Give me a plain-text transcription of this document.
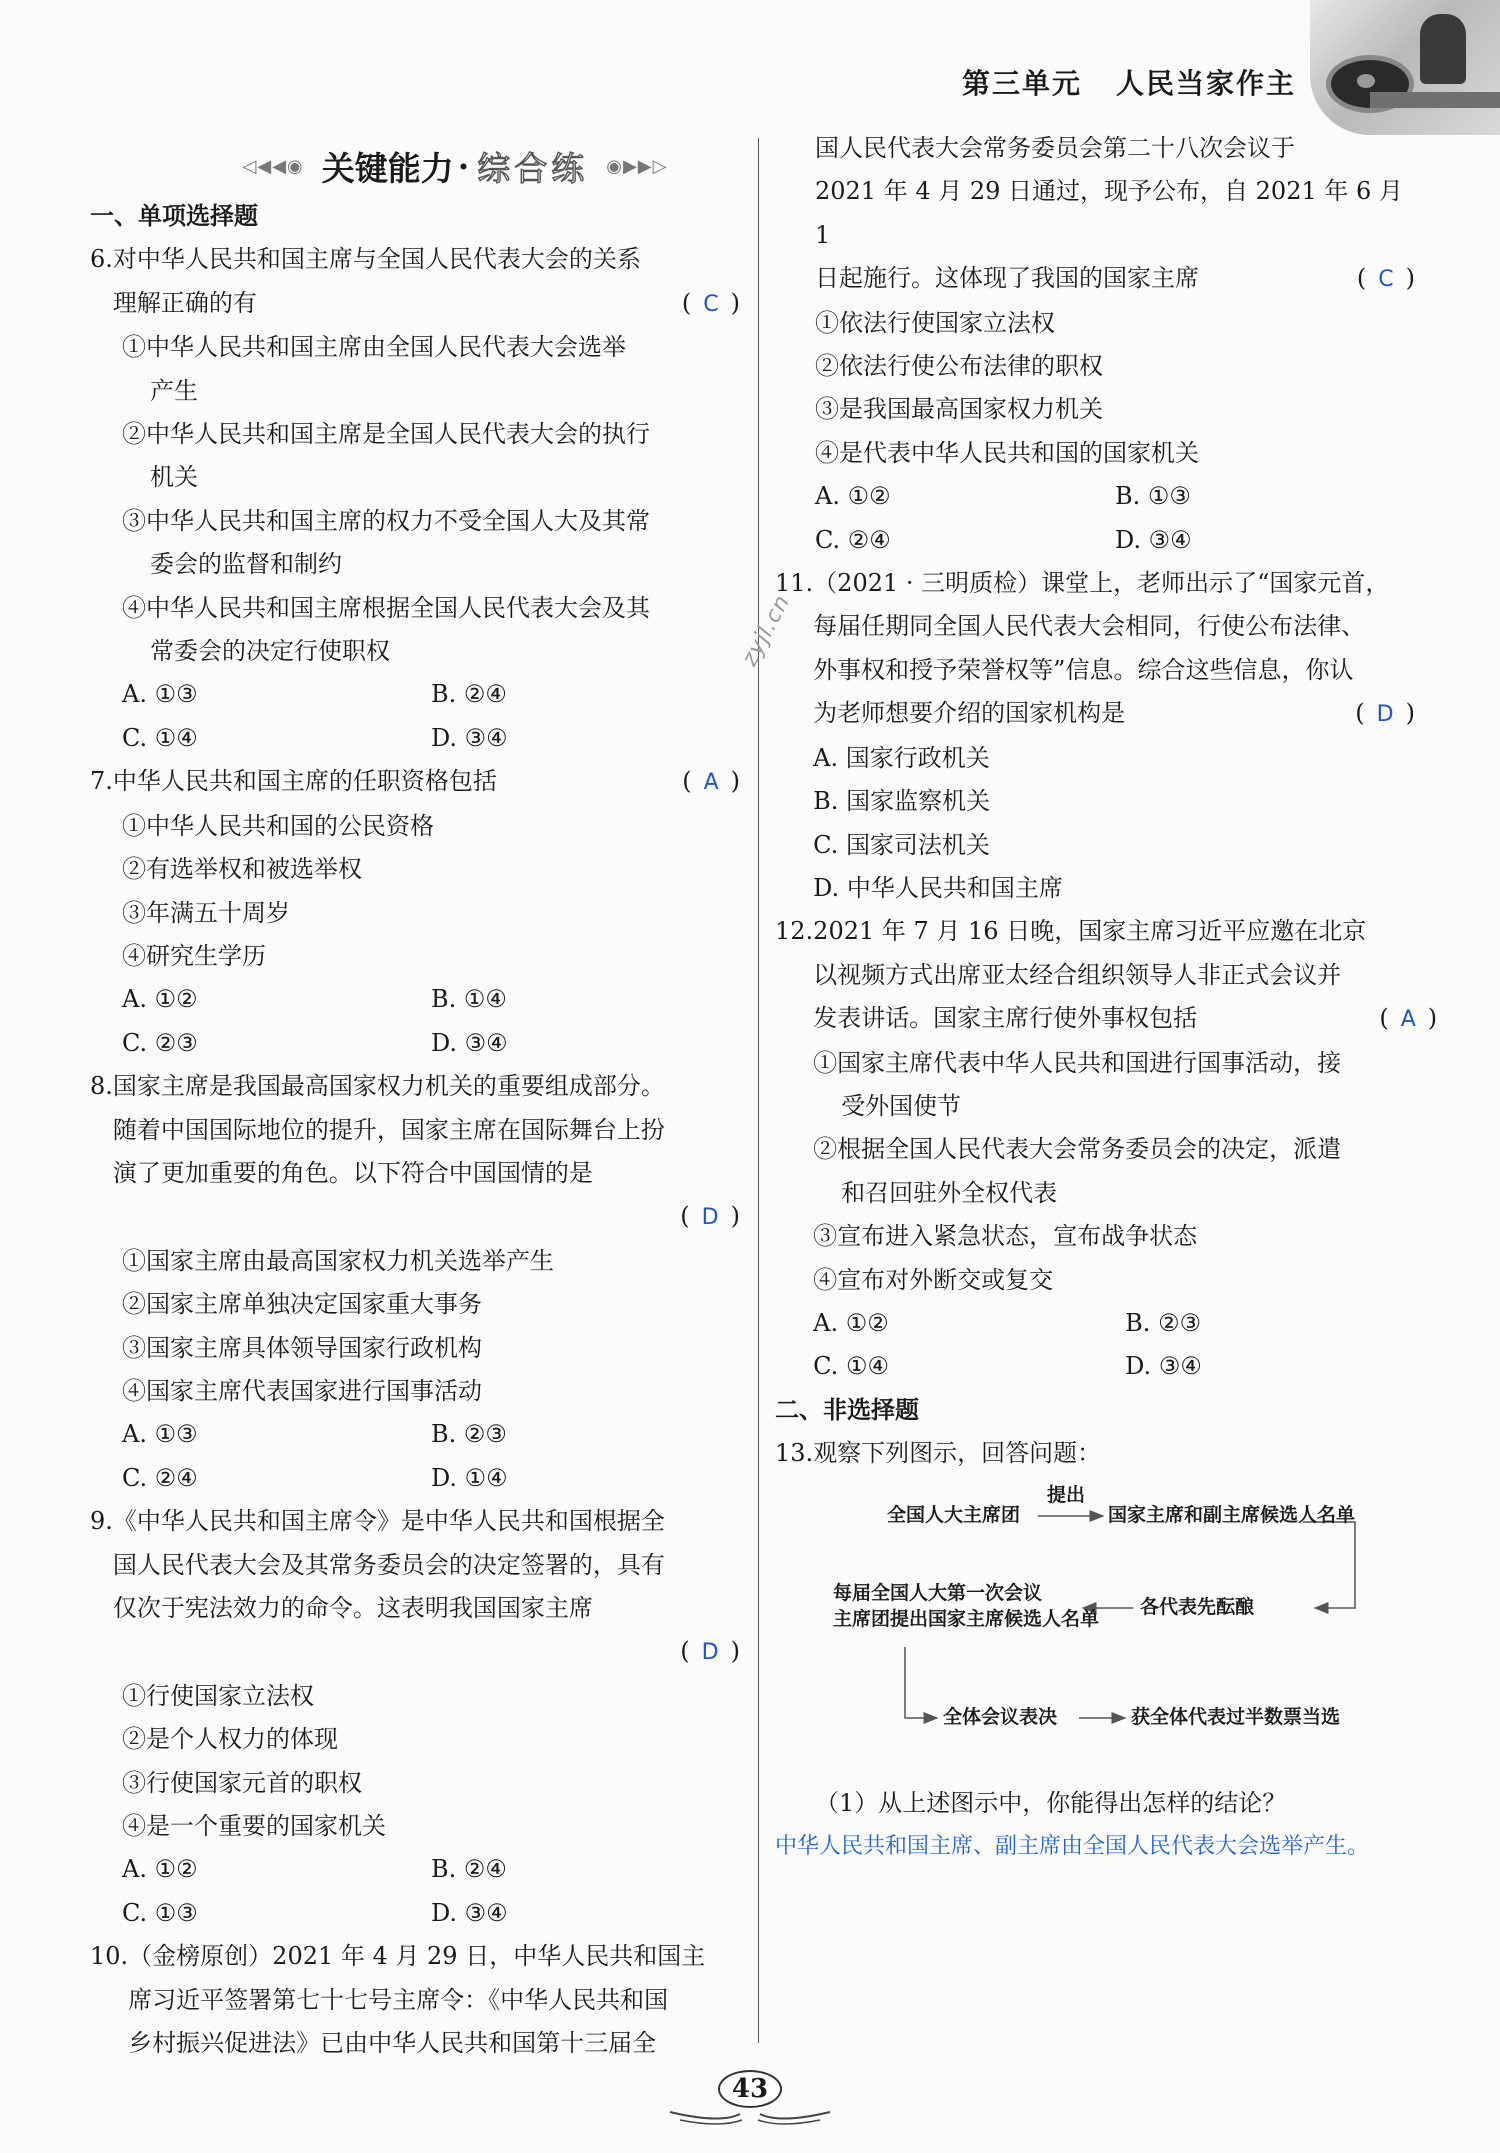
第三单元 人民当家作主
◁◀◀◉ 关键能力 · 综合练 ◉▶▶▷
一、单项选择题
6. 对中华人民共和国主席与全国人民代表大会的关系
理解正确的有	( C )
①中华人民共和国主席由全国人民代表大会选举
产生
②中华人民共和国主席是全国人民代表大会的执行
机关
③中华人民共和国主席的权力不受全国人大及其常
委会的监督和制约
④中华人民共和国主席根据全国人民代表大会及其
常委会的决定行使职权
A. ①③	B. ②④
C. ①④	D. ③④
7. 中华人民共和国主席的任职资格包括	( A )
①中华人民共和国的公民资格
②有选举权和被选举权
③年满五十周岁
④研究生学历
A. ①②	B. ①④
C. ②③	D. ③④
8. 国家主席是我国最高国家权力机关的重要组成部分。
随着中国国际地位的提升，国家主席在国际舞台上扮
演了更加重要的角色。以下符合中国国情的是
( D )
①国家主席由最高国家权力机关选举产生
②国家主席单独决定国家重大事务
③国家主席具体领导国家行政机构
④国家主席代表国家进行国事活动
A. ①③	B. ②③
C. ②④	D. ①④
9. 《中华人民共和国主席令》是中华人民共和国根据全
国人民代表大会及其常务委员会的决定签署的，具有
仅次于宪法效力的命令。这表明我国国家主席
( D )
①行使国家立法权
②是个人权力的体现
③行使国家元首的职权
④是一个重要的国家机关
A. ①②	B. ②④
C. ①③	D. ③④
10. （金榜原创）2021 年 4 月 29 日，中华人民共和国主
席习近平签署第七十七号主席令：《中华人民共和国
乡村振兴促进法》已由中华人民共和国第十三届全
国人民代表大会常务委员会第二十八次会议于
2021 年 4 月 29 日通过，现予公布，自 2021 年 6 月 1
日起施行。这体现了我国的国家主席	( C )
①依法行使国家立法权
②依法行使公布法律的职权
③是我国最高国家权力机关
④是代表中华人民共和国的国家机关
A. ①②	B. ①③
C. ②④	D. ③④
11. （2021 · 三明质检）课堂上，老师出示了“国家元首，
每届任期同全国人民代表大会相同，行使公布法律、
外事权和授予荣誉权等”信息。综合这些信息，你认
为老师想要介绍的国家机构是	( D )
A. 国家行政机关
B. 国家监察机关
C. 国家司法机关
D. 中华人民共和国主席
12. 2021 年 7 月 16 日晚，国家主席习近平应邀在北京
以视频方式出席亚太经合组织领导人非正式会议并
发表讲话。国家主席行使外事权包括	( A )
①国家主席代表中华人民共和国进行国事活动，接
受外国使节
②根据全国人民代表大会常务委员会的决定，派遣
和召回驻外全权代表
③宣布进入紧急状态，宣布战争状态
④宣布对外断交或复交
A. ①②	B. ②③
C. ①④	D. ③④
二、非选择题
13. 观察下列图示，回答问题：
全国人大主席团
提出
国家主席和副主席候选人名单
每届全国人大第一次会议
主席团提出国家主席候选人名单
各代表先酝酿
全体会议表决	获全体代表过半数票当选
（1）从上述图示中，你能得出怎样的结论？
中华人民共和国主席、副主席由全国人民代表大会选举产生。
zyjl.cn
43
